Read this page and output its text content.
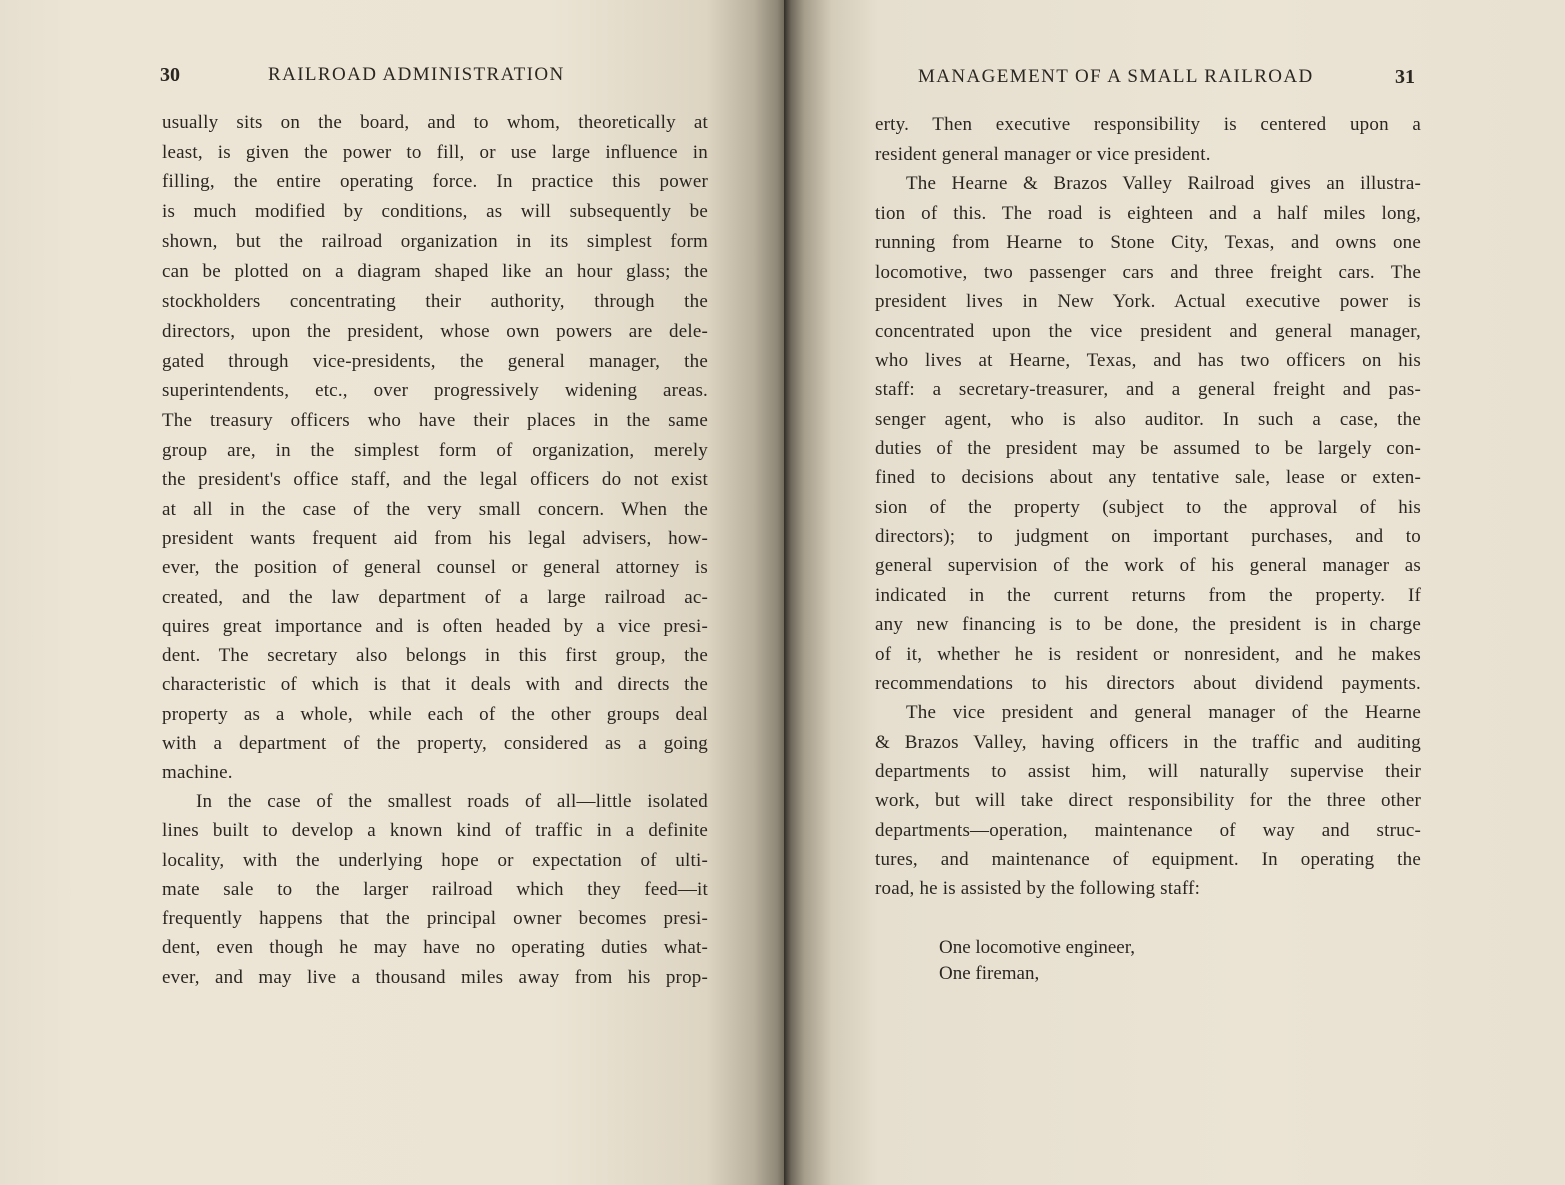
30	RAILROAD ADMINISTRATION
usually sits on the board, and to whom, theoretically at
least, is given the power to fill, or use large influence in
filling, the entire operating force. In practice this power
is much modified by conditions, as will subsequently be
shown, but the railroad organization in its simplest form
can be plotted on a diagram shaped like an hour glass; the
stockholders concentrating their authority, through the
directors, upon the president, whose own powers are dele-
gated through vice-presidents, the general manager, the
superintendents, etc., over progressively widening areas.
The treasury officers who have their places in the same
group are, in the simplest form of organization, merely
the president's office staff, and the legal officers do not exist
at all in the case of the very small concern. When the
president wants frequent aid from his legal advisers, how-
ever, the position of general counsel or general attorney is
created, and the law department of a large railroad ac-
quires great importance and is often headed by a vice presi-
dent. The secretary also belongs in this first group, the
characteristic of which is that it deals with and directs the
property as a whole, while each of the other groups deal
with a department of the property, considered as a going
machine.
In the case of the smallest roads of all—little isolated
lines built to develop a known kind of traffic in a definite
locality, with the underlying hope or expectation of ulti-
mate sale to the larger railroad which they feed—it
frequently happens that the principal owner becomes presi-
dent, even though he may have no operating duties what-
ever, and may live a thousand miles away from his prop-
MANAGEMENT OF A SMALL RAILROAD	31
erty. Then executive responsibility is centered upon a
resident general manager or vice president.
The Hearne & Brazos Valley Railroad gives an illustra-
tion of this. The road is eighteen and a half miles long,
running from Hearne to Stone City, Texas, and owns one
locomotive, two passenger cars and three freight cars. The
president lives in New York. Actual executive power is
concentrated upon the vice president and general manager,
who lives at Hearne, Texas, and has two officers on his
staff: a secretary-treasurer, and a general freight and pas-
senger agent, who is also auditor. In such a case, the
duties of the president may be assumed to be largely con-
fined to decisions about any tentative sale, lease or exten-
sion of the property (subject to the approval of his
directors); to judgment on important purchases, and to
general supervision of the work of his general manager as
indicated in the current returns from the property. If
any new financing is to be done, the president is in charge
of it, whether he is resident or nonresident, and he makes
recommendations to his directors about dividend payments.
The vice president and general manager of the Hearne
& Brazos Valley, having officers in the traffic and auditing
departments to assist him, will naturally supervise their
work, but will take direct responsibility for the three other
departments—operation, maintenance of way and struc-
tures, and maintenance of equipment. In operating the
road, he is assisted by the following staff:
One locomotive engineer,
One fireman,
